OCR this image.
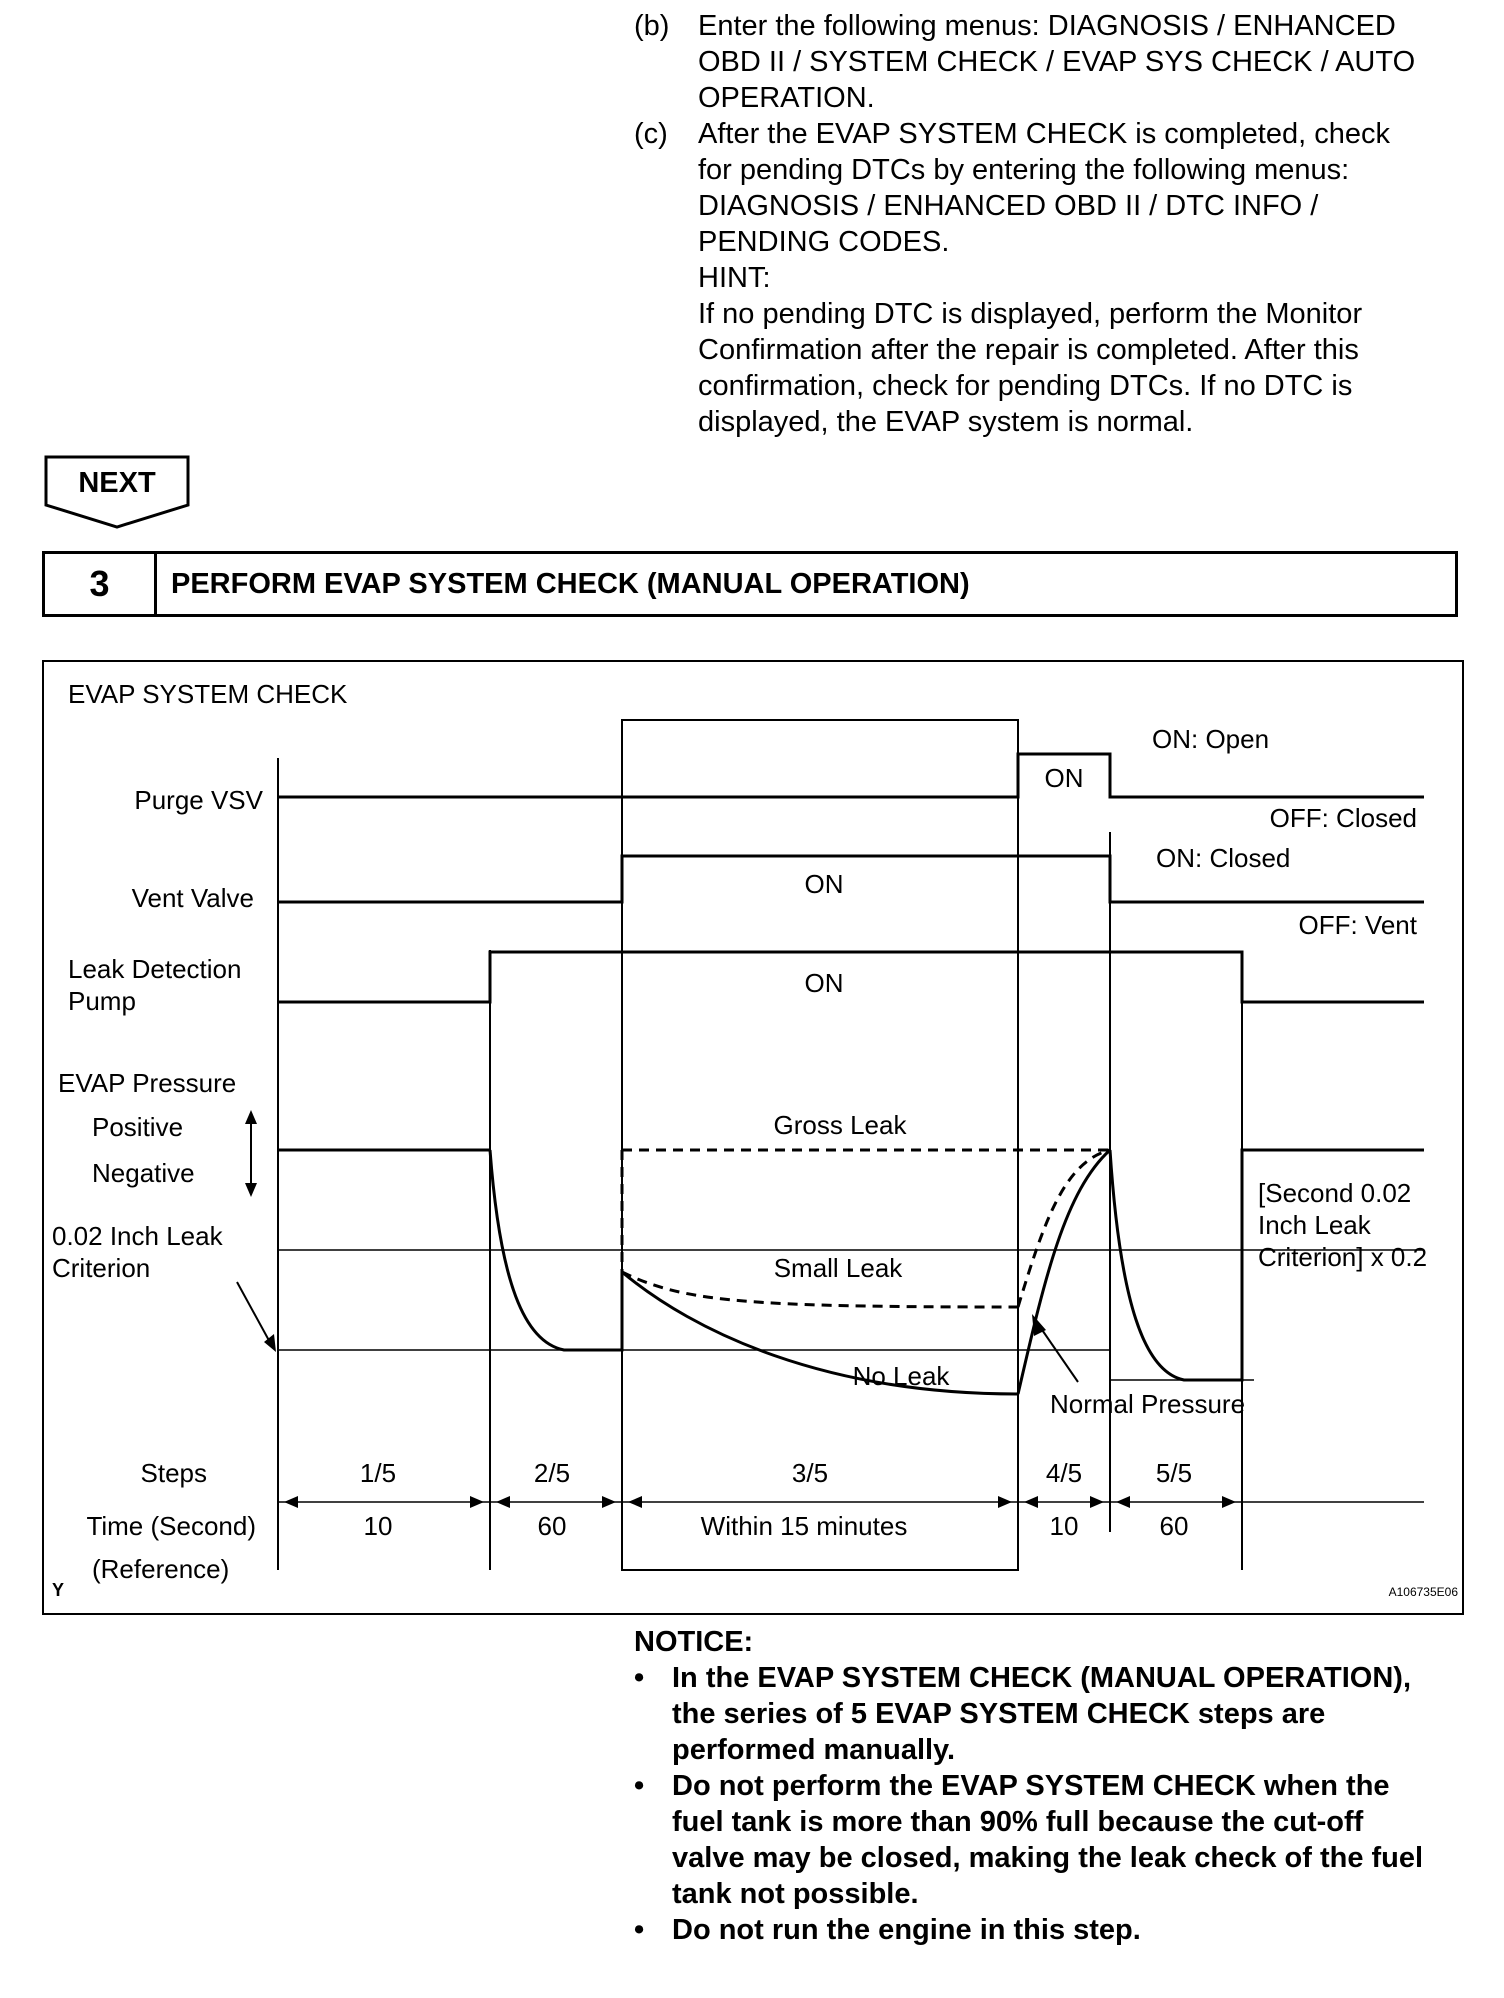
(b) Enter the following menus: DIAGNOSIS / ENHANCED
OBD II / SYSTEM CHECK / EVAP SYS CHECK / AUTO
OPERATION.
(c) After the EVAP SYSTEM CHECK is completed, check
for pending DTCs by entering the following menus:
DIAGNOSIS / ENHANCED OBD II / DTC INFO /
PENDING CODES.
HINT:
If no pending DTC is displayed, perform the Monitor
Confirmation after the repair is completed. After this
confirmation, check for pending DTCs. If no DTC is
displayed, the EVAP system is normal.
NEXT
3	PERFORM EVAP SYSTEM CHECK (MANUAL OPERATION)
EVAP SYSTEM CHECK
Purge VSV
Vent Valve
Leak Detection
Pump
EVAP Pressure
Positive
Negative
0.02 Inch Leak
Criterion
ON
ON: Open
OFF: Closed
ON
ON: Closed
OFF: Vent
ON
Gross Leak
Small Leak
No Leak
Normal Pressure
[Second 0.02
Inch Leak
Criterion] x 0.2
Steps
Time (Second)
(Reference)
1/5	2/5	3/5	4/5	5/5
10	60	Within 15 minutes	10	60
Y	A106735E06
NOTICE:
• In the EVAP SYSTEM CHECK (MANUAL OPERATION),
the series of 5 EVAP SYSTEM CHECK steps are
performed manually.
• Do not perform the EVAP SYSTEM CHECK when the
fuel tank is more than 90% full because the cut-off
valve may be closed, making the leak check of the fuel
tank not possible.
• Do not run the engine in this step.
